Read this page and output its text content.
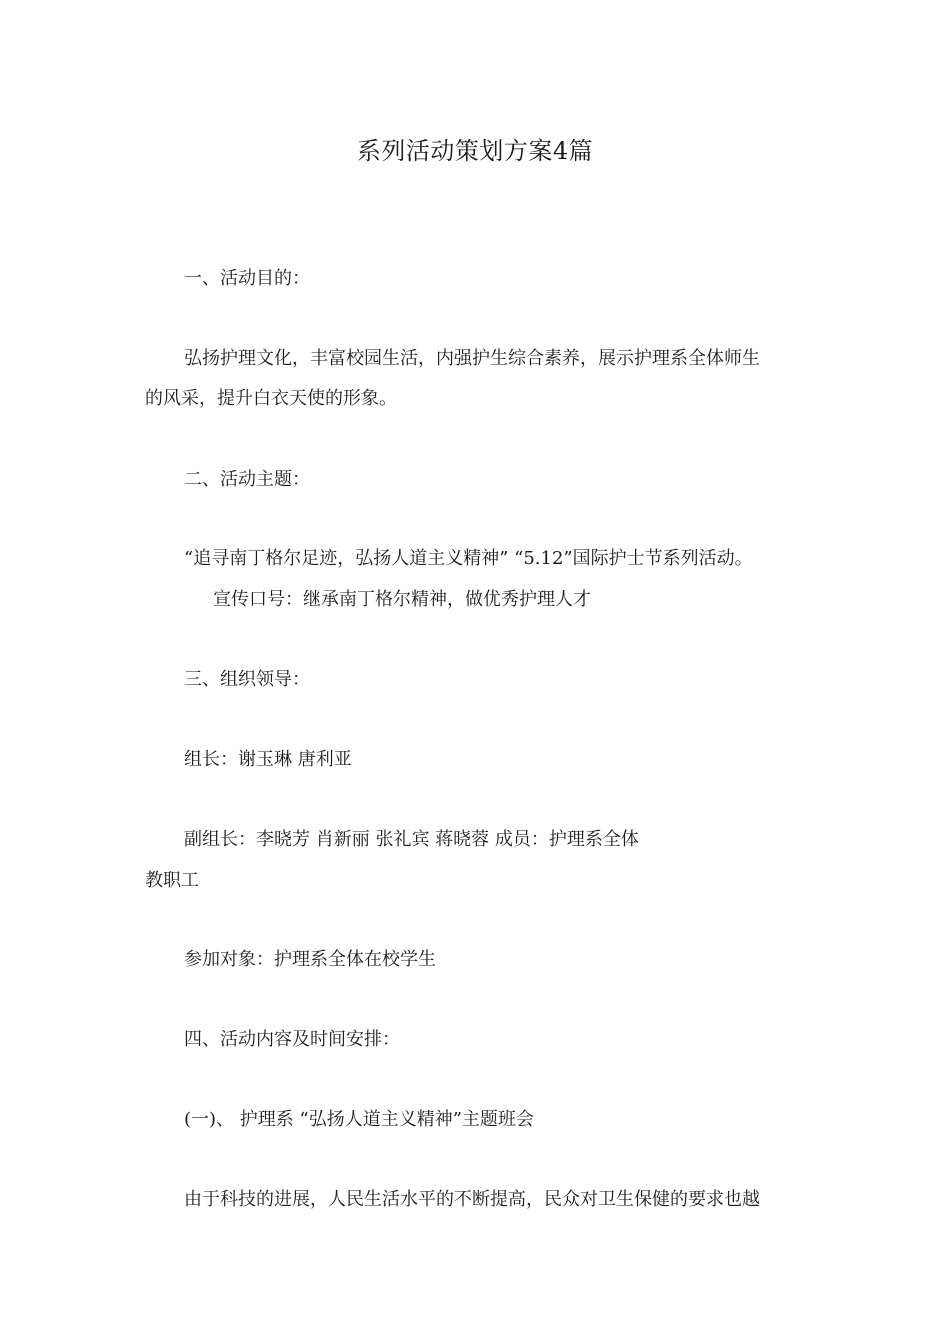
系列活动策划方案4篇
一、活动目的：
弘扬护理文化，丰富校园生活，内强护生综合素养，展示护理系全体师生
的风采，提升白衣天使的形象。
二、活动主题：
“追寻南丁格尔足迹，弘扬人道主义精神” “5.12”国际护士节系列活动。
宣传口号：继承南丁格尔精神，做优秀护理人才
三、组织领导：
组长：谢玉琳 唐利亚
副组长：李晓芳 肖新丽 张礼宾 蒋晓蓉 成员：护理系全体
教职工
参加对象：护理系全体在校学生
四、活动内容及时间安排：
(一)、 护理系 “弘扬人道主义精神”主题班会
由于科技的进展，人民生活水平的不断提高，民众对卫生保健的要求也越
